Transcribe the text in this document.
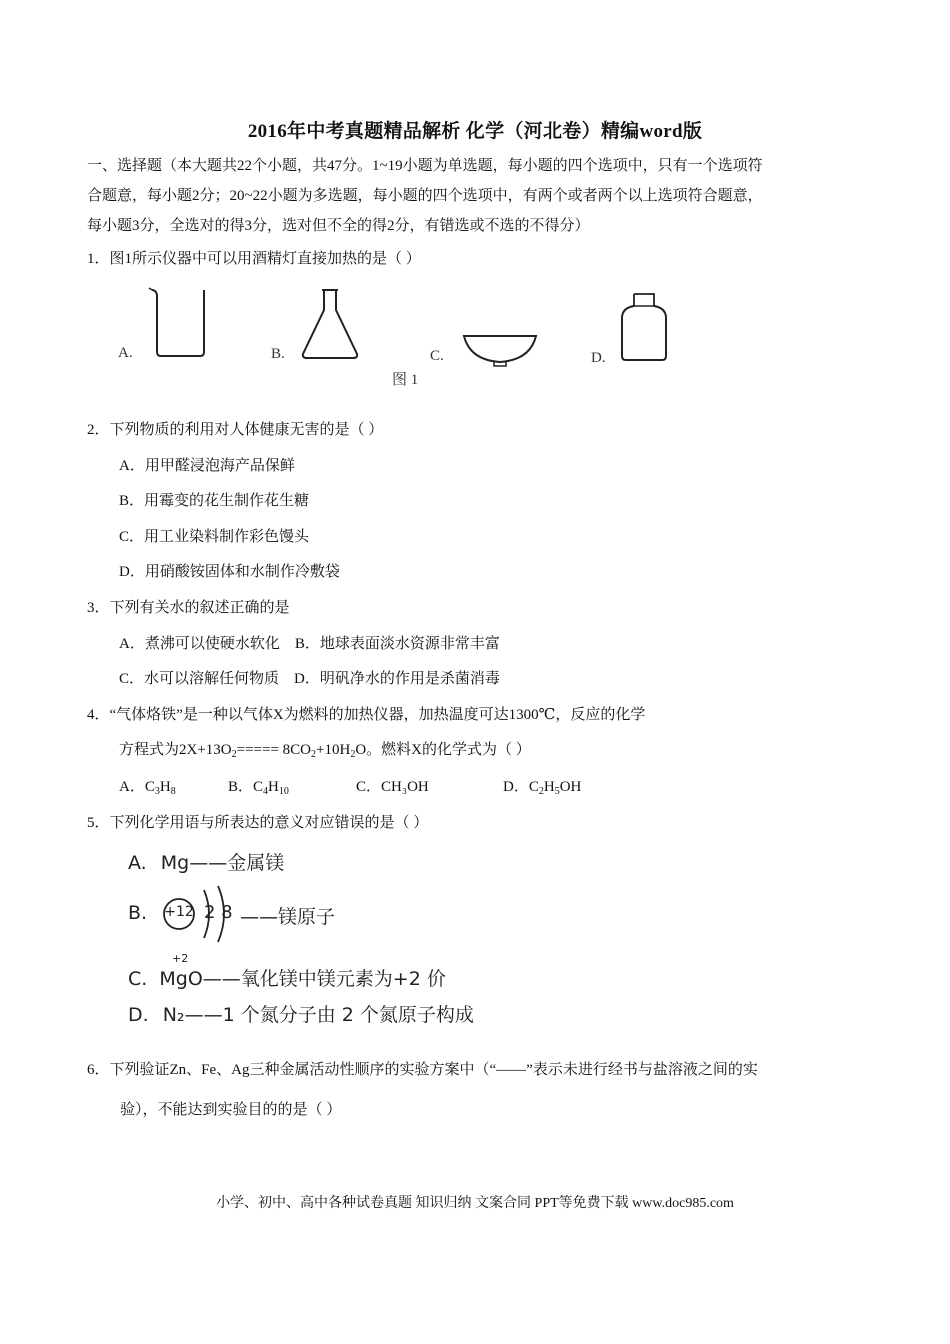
2016年中考真题精品解析 化学（河北卷）精编word版
一、选择题（本大题共22个小题，共47分。1~19小题为单选题，每小题的四个选项中，只有一个选项符
合题意，每小题2分；20~22小题为多选题，每小题的四个选项中，有两个或者两个以上选项符合题意，
每小题3分，全选对的得3分，选对但不全的得2分，有错选或不选的不得分）
1．图1所示仪器中可以用酒精灯直接加热的是（ ）
A.	B.	C.	D.
图 1
2．下列物质的利用对人体健康无害的是（ ）
A．用甲醛浸泡海产品保鲜
B．用霉变的花生制作花生糖
C．用工业染料制作彩色馒头
D．用硝酸铵固体和水制作冷敷袋
3．下列有关水的叙述正确的是
A．煮沸可以使硬水软化    B．地球表面淡水资源非常丰富
C．水可以溶解任何物质    D．明矾净水的作用是杀菌消毒
4．“气体烙铁”是一种以气体X为燃料的加热仪器，加热温度可达1300℃，反应的化学
方程式为$2X+13O_2===== 8CO_2+10H_2O$。燃料X的化学式为（ ）
A．$C_3H_8$	B．$C_4H_{10}$	C．CH₃OH	D．$C_2H_5OH$
5．下列化学用语与所表达的意义对应错误的是（ ）
A. Mg——金属镁
B. +12 2 8 ——镁原子
+2
C. MgO——氧化镁中镁元素为+2 价
D. N₂——1 个氮分子由 2 个氮原子构成
6．下列验证Zn、Fe、Ag三种金属活动性顺序的实验方案中（“——”表示未进行经书与盐溶液之间的实
验），不能达到实验目的的是（ ）
小学、初中、高中各种试卷真题 知识归纳 文案合同 PPT等免费下载 www.doc985.com
